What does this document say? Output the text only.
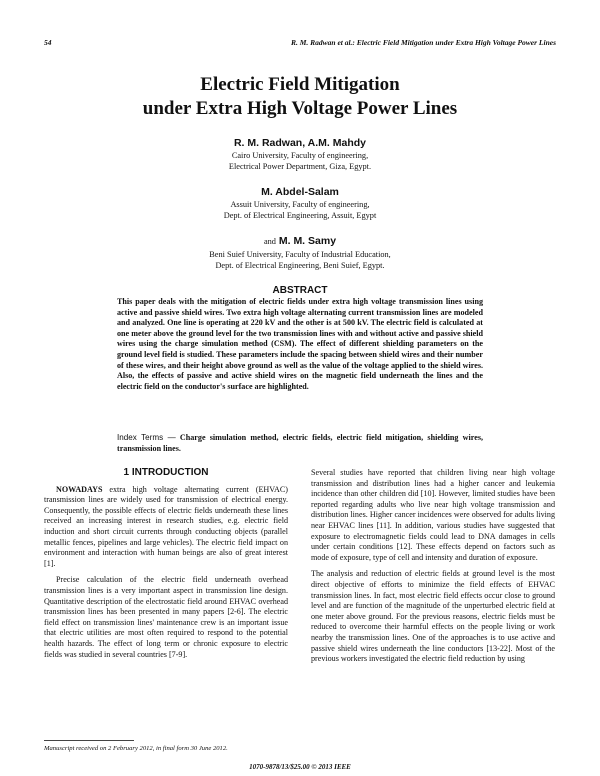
54	R. M. Radwan et al.: Electric Field Mitigation under Extra High Voltage Power Lines
Electric Field Mitigation
under Extra High Voltage Power Lines
R. M. Radwan, A.M. Mahdy
Cairo University, Faculty of engineering,
Electrical Power Department, Giza, Egypt.
M. Abdel-Salam
Assuit University, Faculty of engineering,
Dept. of Electrical Engineering, Assuit, Egypt
and M. M. Samy
Beni Suief University, Faculty of Industrial Education,
Dept. of Electrical Engineering, Beni Suief, Egypt.
ABSTRACT
This paper deals with the mitigation of electric fields under extra high voltage transmission lines using active and passive shield wires. Two extra high voltage alternating current transmission lines are modeled and analyzed. One line is operating at 220 kV and the other is at 500 kV. The electric field is calculated at one meter above the ground level for the two transmission lines with and without active and passive shield wires using the charge simulation method (CSM). The effect of different shielding parameters on the ground level field is studied. These parameters include the spacing between shield wires and their number of these wires, and their height above ground as well as the value of the voltage applied to the shield wires. Also, the effects of passive and active shield wires on the magnetic field underneath the lines and the electric field on the conductor's surface are highlighted.
Index Terms — Charge simulation method, electric fields, electric field mitigation, shielding wires, transmission lines.
1 INTRODUCTION

NOWADAYS extra high voltage alternating current (EHVAC) transmission lines are widely used for transmission of electrical energy. Consequently, the possible effects of electric fields underneath these lines received an increasing interest in research studies, e.g. electric field induction and short circuit currents through conducting objects (parallel metallic fences, pipelines and large vehicles). The electric field impact on environment and interaction with human beings are also of great interest [1].

Precise calculation of the electric field underneath overhead transmission lines is a very important aspect in transmission line design. Quantitative description of the electrostatic field around EHVAC overhead transmission lines has been presented in many papers [2-6]. The electric field effect on transmission lines' maintenance crew is an important issue that electric utilities are most often required to respond to the potential health hazards. The effect of long term or chronic exposure to electric fields was studied in several countries [7-9].

Several studies have reported that children living near high voltage transmission and distribution lines had a higher cancer and leukemia incidence than other children did [10]. However, limited studies have been reported regarding adults who live near high voltage transmission and distribution lines. Higher cancer incidences were observed for adults living near EHVAC lines [11]. In addition, various studies have suggested that exposure to electromagnetic fields could lead to DNA damages in cells under certain conditions [12]. These effects depend on factors such as mode of exposure, type of cell and intensity and duration of exposure.

The analysis and reduction of electric fields at ground level is the most direct objective of efforts to minimize the field effects of EHVAC transmission lines. In fact, most electric field effects occur close to ground level and are function of the magnitude of the unperturbed electric field at one meter above ground. For the previous reasons, electric fields must be reduced to overcome their harmful effects on the people living or work nearby the transmission lines. One of the approaches is to use active and passive shield wires underneath the line conductors [13-22]. Most of the previous workers investigated the electric field reduction by using

Manuscript received on 2 February 2012, in final form 30 June 2012.
1070-9878/13/$25.00 © 2013 IEEE
